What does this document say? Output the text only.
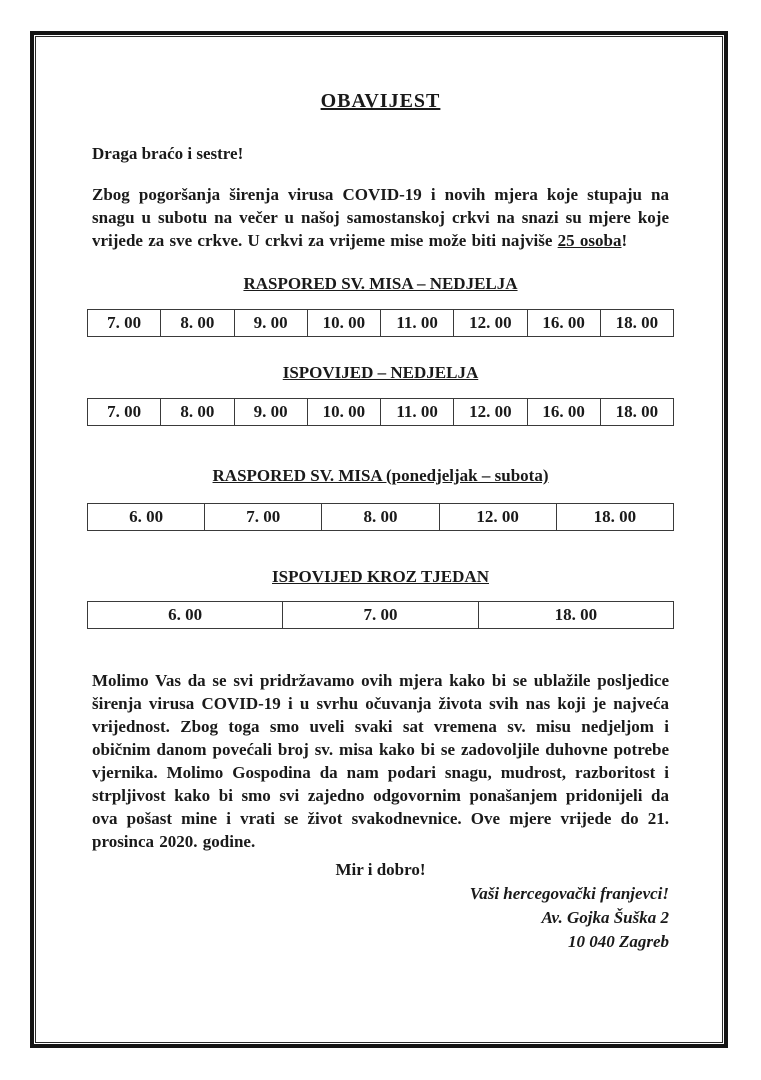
OBAVIJEST
Draga braćo i sestre!

Zbog pogoršanja širenja virusa COVID-19 i novih mjera koje stupaju na snagu u subotu na večer u našoj samostanskoj crkvi na snazi su mjere koje vrijede za sve crkve. U crkvi za vrijeme mise može biti najviše 25 osoba!

RASPORED SV. MISA – NEDJELJA
7. 00	8. 00	9. 00	10. 00	11. 00	12. 00	16. 00	18. 00
ISPOVIJED – NEDJELJA
7. 00	8. 00	9. 00	10. 00	11. 00	12. 00	16. 00	18. 00
RASPORED SV. MISA (ponedjeljak – subota)
6. 00	7. 00	8. 00	12. 00	18. 00
ISPOVIJED KROZ TJEDAN
6. 00	7. 00	18. 00

Molimo Vas da se svi pridržavamo ovih mjera kako bi se ublažile posljedice širenja virusa COVID-19 i u svrhu očuvanja života svih nas koji je najveća vrijednost. Zbog toga smo uveli svaki sat vremena sv. misu nedjeljom i običnim danom povećali broj sv. misa kako bi se zadovoljile duhovne potrebe vjernika. Molimo Gospodina da nam podari snagu, mudrost, razboritost i strpljivost kako bi smo svi zajedno odgovornim ponašanjem pridonijeli da ova pošast mine i vrati se život svakodnevnice. Ove mjere vrijede do 21. prosinca 2020. godine.

Mir i dobro!
Vaši hercegovački franjevci!
Av. Gojka Šuška 2
10 040 Zagreb
